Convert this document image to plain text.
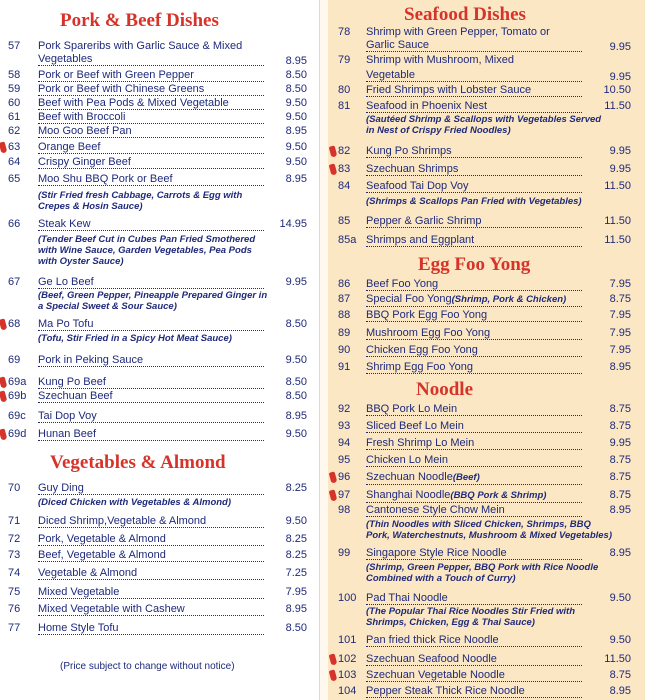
Pork & Beef Dishes
57 Pork Spareribs with Garlic Sauce & Mixed
Vegetables	8.95
58 Pork or Beef with Green Pepper	8.50
59 Pork or Beef with Chinese Greens	8.50
60 Beef with Pea Pods & Mixed Vegetable	9.50
61 Beef with Broccoli	9.50
62 Moo Goo Beef Pan	8.95
63 Orange Beef	9.50
64 Crispy Ginger Beef	9.50
65 Moo Shu BBQ Pork or Beef	8.95
(Stir Fried fresh Cabbage, Carrots & Egg with Crepes & Hosin Sauce)
66 Steak Kew	14.95
(Tender Beef Cut in Cubes Pan Fried Smothered with Wine Sauce, Garden Vegetables, Pea Pods with Oyster Sauce)
67 Ge Lo Beef	9.95
(Beef, Green Pepper, Pineapple Prepared Ginger in a Special Sweet & Sour Sauce)
68 Ma Po Tofu	8.50
(Tofu, Stir Fried in a Spicy Hot Meat Sauce)
69 Pork in Peking Sauce	9.50
69a Kung Po Beef	8.50
69b Szechuan Beef	8.50
69c Tai Dop Voy	8.95
69d Hunan Beef	9.50
Vegetables & Almond
70 Guy Ding	8.25
(Diced Chicken with Vegetables & Almond)
71 Diced Shrimp,Vegetable & Almond	9.50
72 Pork, Vegetable & Almond	8.25
73 Beef, Vegetable & Almond	8.25
74 Vegetable & Almond	7.25
75 Mixed Vegetable	7.95
76 Mixed Vegetable with Cashew	8.95
77 Home Style Tofu	8.50
(Price subject to change without notice)
Seafood Dishes
78 Shrimp with Green Pepper, Tomato or
Garlic Sauce	9.95
79 Shrimp with Mushroom, Mixed
Vegetable	9.95
80 Fried Shrimps with Lobster Sauce	10.50
81 Seafood in Phoenix Nest	11.50
(Sautéed Shrimp & Scallops with Vegetables Served in Nest of Crispy Fried Noodles)
82 Kung Po Shrimps	9.95
83 Szechuan Shrimps	9.95
84 Seafood Tai Dop Voy	11.50
(Shrimps & Scallops Pan Fried with Vegetables)
85 Pepper & Garlic Shrimp	11.50
85a Shrimps and Eggplant	11.50
Egg Foo Yong
86 Beef Foo Yong	7.95
87 Special Foo Yong(Shrimp, Pork & Chicken)	8.75
88 BBQ Pork Egg Foo Yong	7.95
89 Mushroom Egg Foo Yong	7.95
90 Chicken Egg Foo Yong	7.95
91 Shrimp Egg Foo Yong	8.95
Noodle
92 BBQ Pork Lo Mein	8.75
93 Sliced Beef Lo Mein	8.75
94 Fresh Shrimp Lo Mein	9.95
95 Chicken Lo Mein	8.75
96 Szechuan Noodle(Beef)	8.75
97 Shanghai Noodle(BBQ Pork & Shrimp)	8.75
98 Cantonese Style Chow Mein	8.95
(Thin Noodles with Sliced Chicken, Shrimps, BBQ Pork, Waterchestnuts, Mushroom & Mixed Vegetables)
99 Singapore Style Rice Noodle	8.95
(Shrimp, Green Pepper, BBQ Pork with Rice Noodle Combined with a Touch of Curry)
100 Pad Thai Noodle	9.50
(The Popular Thai Rice Noodles Stir Fried with Shrimps, Chicken, Egg & Thai Sauce)
101 Pan fried thick Rice Noodle	9.50
102 Szechuan Seafood Noodle	11.50
103 Szechuan Vegetable Noodle	8.75
104 Pepper Steak Thick Rice Noodle	8.95
